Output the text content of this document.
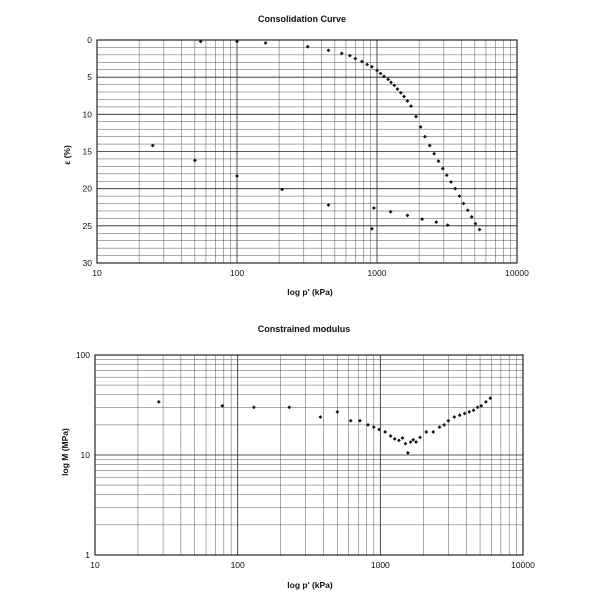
Consolidation Curve
10	100	1000	10000
0
5
10
15
20
25
30
log p' (kPa)
ε (%)
Constrained modulus
10	100	1000	10000
1
10
100
log p' (kPa)
log M (MPa)
